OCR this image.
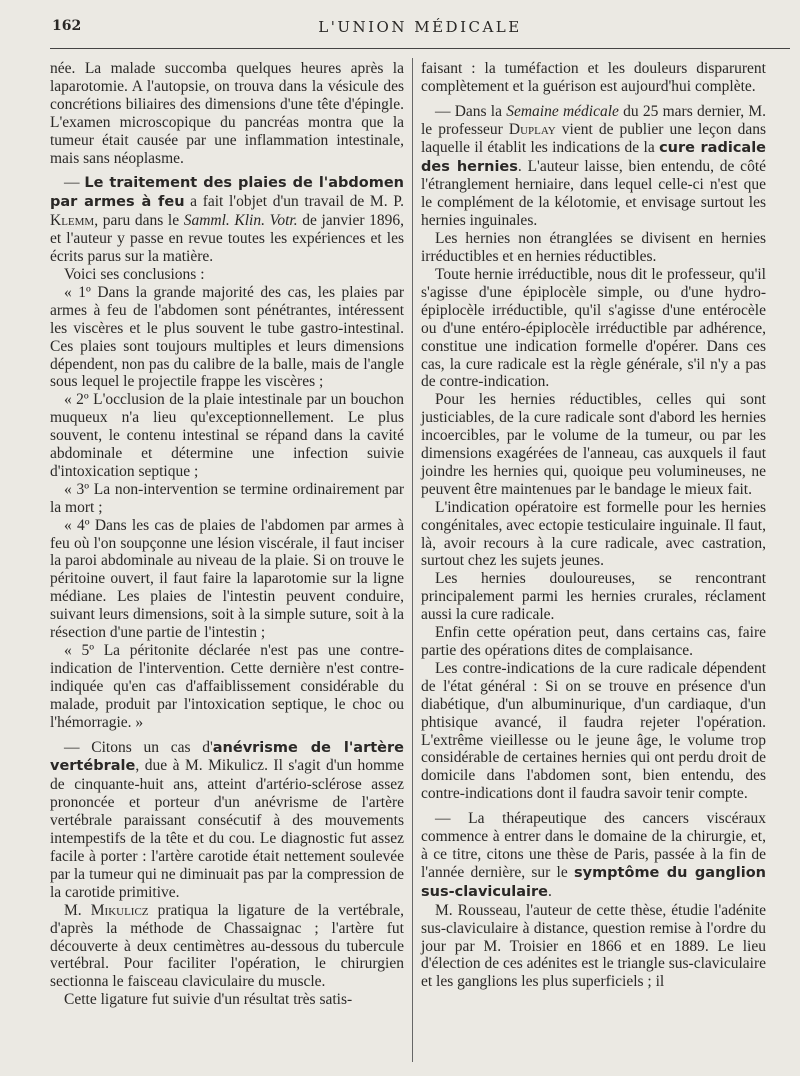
162	L'UNION MÉDICALE

née. La malade succomba quelques heures après la laparotomie. A l'autopsie, on trouva dans la vésicule des concrétions biliaires des dimensions d'une tête d'épingle. L'examen microscopique du pancréas montra que la tumeur était causée par une inflammation intestinale, mais sans néoplasme.

— Le traitement des plaies de l'abdomen par armes à feu a fait l'objet d'un travail de M. P. Klemm, paru dans le Samml. Klin. Votr. de janvier 1896, et l'auteur y passe en revue toutes les expériences et les écrits parus sur la matière.

Voici ses conclusions :

« 1º Dans la grande majorité des cas, les plaies par armes à feu de l'abdomen sont pénétrantes, intéressent les viscères et le plus souvent le tube gastro-intestinal. Ces plaies sont toujours multiples et leurs dimensions dépendent, non pas du calibre de la balle, mais de l'angle sous lequel le projectile frappe les viscères ;

« 2º L'occlusion de la plaie intestinale par un bouchon muqueux n'a lieu qu'exceptionnellement. Le plus souvent, le contenu intestinal se répand dans la cavité abdominale et détermine une infection suivie d'intoxication septique ;

« 3º La non-intervention se termine ordinairement par la mort ;

« 4º Dans les cas de plaies de l'abdomen par armes à feu où l'on soupçonne une lésion viscérale, il faut inciser la paroi abdominale au niveau de la plaie. Si on trouve le péritoine ouvert, il faut faire la laparotomie sur la ligne médiane. Les plaies de l'intestin peuvent conduire, suivant leurs dimensions, soit à la simple suture, soit à la résection d'une partie de l'intestin ;

« 5º La péritonite déclarée n'est pas une contre-indication de l'intervention. Cette dernière n'est contre-indiquée qu'en cas d'affaiblissement considérable du malade, produit par l'intoxication septique, le choc ou l'hémorragie. »

— Citons un cas d'anévrisme de l'artère vertébrale, due à M. Mikulicz. Il s'agit d'un homme de cinquante-huit ans, atteint d'artério-sclérose assez prononcée et porteur d'un anévrisme de l'artère vertébrale paraissant consécutif à des mouvements intempestifs de la tête et du cou. Le diagnostic fut assez facile à porter : l'artère carotide était nettement soulevée par la tumeur qui ne diminuait pas par la compression de la carotide primitive.

M. Mikulicz pratiqua la ligature de la vertébrale, d'après la méthode de Chassaignac ; l'artère fut découverte à deux centimètres au-dessous du tubercule vertébral. Pour faciliter l'opération, le chirurgien sectionna le faisceau claviculaire du muscle.

Cette ligature fut suivie d'un résultat très satis-

faisant : la tuméfaction et les douleurs disparurent complètement et la guérison est aujourd'hui complète.

— Dans la Semaine médicale du 25 mars dernier, M. le professeur Duplay vient de publier une leçon dans laquelle il établit les indications de la cure radicale des hernies. L'auteur laisse, bien entendu, de côté l'étranglement herniaire, dans lequel celle-ci n'est que le complément de la kélotomie, et envisage surtout les hernies inguinales.

Les hernies non étranglées se divisent en hernies irréductibles et en hernies réductibles.

Toute hernie irréductible, nous dit le professeur, qu'il s'agisse d'une épiplocèle simple, ou d'une hydro-épiplocèle irréductible, qu'il s'agisse d'une entérocèle ou d'une entéro-épiplocèle irréductible par adhérence, constitue une indication formelle d'opérer. Dans ces cas, la cure radicale est la règle générale, s'il n'y a pas de contre-indication.

Pour les hernies réductibles, celles qui sont justiciables, de la cure radicale sont d'abord les hernies incoercibles, par le volume de la tumeur, ou par les dimensions exagérées de l'anneau, cas auxquels il faut joindre les hernies qui, quoique peu volumineuses, ne peuvent être maintenues par le bandage le mieux fait.

L'indication opératoire est formelle pour les hernies congénitales, avec ectopie testiculaire inguinale. Il faut, là, avoir recours à la cure radicale, avec castration, surtout chez les sujets jeunes.

Les hernies douloureuses, se rencontrant principalement parmi les hernies crurales, réclament aussi la cure radicale.

Enfin cette opération peut, dans certains cas, faire partie des opérations dites de complaisance.

Les contre-indications de la cure radicale dépendent de l'état général : Si on se trouve en présence d'un diabétique, d'un albuminurique, d'un cardiaque, d'un phtisique avancé, il faudra rejeter l'opération. L'extrême vieillesse ou le jeune âge, le volume trop considérable de certaines hernies qui ont perdu droit de domicile dans l'abdomen sont, bien entendu, des contre-indications dont il faudra savoir tenir compte.

— La thérapeutique des cancers viscéraux commence à entrer dans le domaine de la chirurgie, et, à ce titre, citons une thèse de Paris, passée à la fin de l'année dernière, sur le symptôme du ganglion sus-claviculaire.

M. Rousseau, l'auteur de cette thèse, étudie l'adénite sus-claviculaire à distance, question remise à l'ordre du jour par M. Troisier en 1866 et en 1889. Le lieu d'élection de ces adénites est le triangle sus-claviculaire et les ganglions les plus superficiels ; il
